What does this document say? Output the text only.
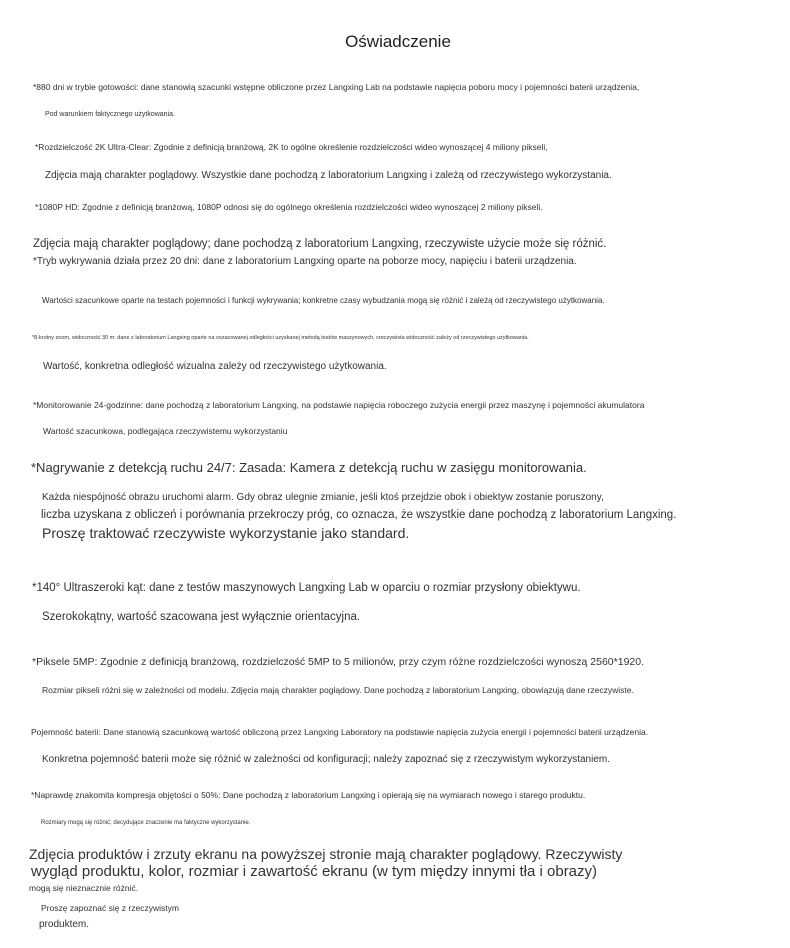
Oświadczenie
*880 dni w trybie gotowości: dane stanowią szacunki wstępne obliczone przez Langxing Lab na podstawie napięcia poboru mocy i pojemności baterii urządzenia,
Pod warunkiem faktycznego użytkowania.
*Rozdzielczość 2K Ultra-Clear: Zgodnie z definicją branżową, 2K to ogólne określenie rozdzielczości wideo wynoszącej 4 miliony pikseli,
Zdjęcia mają charakter poglądowy. Wszystkie dane pochodzą z laboratorium Langxing i zależą od rzeczywistego wykorzystania.
*1080P HD: Zgodnie z definicją branżową, 1080P odnosi się do ogólnego określenia rozdzielczości wideo wynoszącej 2 miliony pikseli.
Zdjęcia mają charakter poglądowy; dane pochodzą z laboratorium Langxing, rzeczywiste użycie może się różnić.
*Tryb wykrywania działa przez 20 dni: dane z laboratorium Langxing oparte na poborze mocy, napięciu i baterii urządzenia.
Wartości szacunkowe oparte na testach pojemności i funkcji wykrywania; konkretne czasy wybudzania mogą się różnić i zależą od rzeczywistego użytkowania.
*8-krotny zoom, widoczność 30 m: dane z laboratorium Langxing oparte na oszacowanej odległości uzyskanej metodą testów maszynowych, rzeczywista widoczność zależy od rzeczywistego użytkowania.
Wartość, konkretna odległość wizualna zależy od rzeczywistego użytkowania.
*Monitorowanie 24-godzinne: dane pochodzą z laboratorium Langxing, na podstawie napięcia roboczego zużycia energii przez maszynę i pojemności akumulatora
Wartość szacunkowa, podlegająca rzeczywistemu wykorzystaniu
*Nagrywanie z detekcją ruchu 24/7: Zasada: Kamera z detekcją ruchu w zasięgu monitorowania.
Każda niespójność obrazu uruchomi alarm. Gdy obraz ulegnie zmianie, jeśli ktoś przejdzie obok i obiektyw zostanie poruszony,
liczba uzyskana z obliczeń i porównania przekroczy próg, co oznacza, że wszystkie dane pochodzą z laboratorium Langxing.
Proszę traktować rzeczywiste wykorzystanie jako standard.
*140° Ultraszeroki kąt: dane z testów maszynowych Langxing Lab w oparciu o rozmiar przysłony obiektywu.
Szerokokątny, wartość szacowana jest wyłącznie orientacyjna.
*Piksele 5MP: Zgodnie z definicją branżową, rozdzielczość 5MP to 5 milionów, przy czym różne rozdzielczości wynoszą 2560*1920.
Rozmiar pikseli różni się w zależności od modelu. Zdjęcia mają charakter poglądowy. Dane pochodzą z laboratorium Langxing, obowiązują dane rzeczywiste.
Pojemność baterii: Dane stanowią szacunkową wartość obliczoną przez Langxing Laboratory na podstawie napięcia zużycia energii i pojemności baterii urządzenia.
Konkretna pojemność baterii może się różnić w zależności od konfiguracji; należy zapoznać się z rzeczywistym wykorzystaniem.
*Naprawdę znakomita kompresja objętości o 50%: Dane pochodzą z laboratorium Langxing i opierają się na wymiarach nowego i starego produktu.
Rozmiary mogą się różnić; decydujące znaczenie ma faktyczne wykorzystanie.
Zdjęcia produktów i zrzuty ekranu na powyższej stronie mają charakter poglądowy. Rzeczywisty
wygląd produktu, kolor, rozmiar i zawartość ekranu (w tym między innymi tła i obrazy)
mogą się nieznacznie różnić.
Proszę zapoznać się z rzeczywistym
produktem.
